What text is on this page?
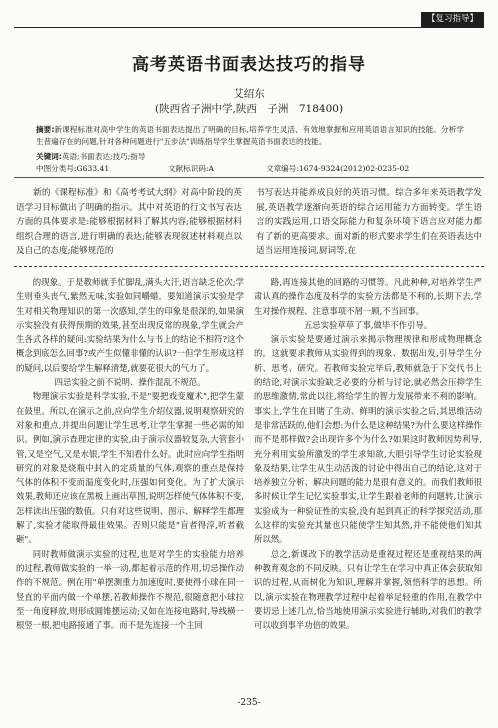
【复习指导】
高考英语书面表达技巧的指导
艾绍东
(陕西省子洲中学,陕西　子洲　718400)
摘要:新课程标准对高中学生的英语书面表达提出了明确的目标,培养学生灵活、有效地掌握和应用英语语言知识的技能。分析学生普遍存在的问题,针对各种问题进行"五步法"训练指导学生掌握英语书面表达的技能。
关键词:英语;书面表达;技巧;指导
中图分类号:G633.41	文献标识码:A	文章编号:1674-9324(2012)02-0235-02
新的《课程标准》和《高考考试大纲》对高中阶段的英语学习目标做出了明确的指示。其中对英语的行文书写表达方面的具体要求是:能够根据材料了解其内容;能够根据材料组织合理的语言,进行明确的表达;能够表现叙述材料观点以及自己的态度;能够规范的
书写表达并能养成良好的英语习惯。综合多年来英语教学发展,英语教学逐渐向英语的综合运用能力方面转变。学生语言的实践运用,口语交际能力和复杂环境下语言应对能力都有了新的更高要求。面对新的形式要求学生们在英语表达中适当运用连接词,厨词等,在

的现象。于是教师就手忙脚乱,满头大汗,语言缺乏伦次;学生则垂头丧气,紫然无味,实验如同嚼蜡。要知道演示实验是学生对相关物理知识的第一次感知,学生的印象是很深的,如果演示实验没有获得预期的效果,甚至出现反常的现象,学生就会产生各式各样的疑问:实验结果为什么与书上的结论不相符?这个概念到底怎么回事?或产生似懂非懂的认识?一但学生形成这样的疑问,以后要给学生解释清楚,就要花很大的气力了。

四忌实验之前不说明、操作混乱不规范。

物理演示实验是科学实验,不是"要把戏变魔术",把学生蒙在鼓里。所以,在演示之前,应向学生介绍仪器,说明观察研究的对象和重点,并提出问题让学生思考,让学生掌握一些必需的知识。例如,演示查理定律的实验,由于演示仪器较复杂,大管套小管,又是空气,又是水银,学生不知看什么好。此时应向学生指明研究的对象是烧瓶中封入的定质量的气体,观察的重点是保持气体的体积不变而温度变化时,压强如何变化。为了扩大演示效果,教师还应该在黑板上画出草图,说明怎样使气体体积不变,怎样读出压强的数值。只有对这些说明、图示、解释学生都理解了,实验才能取得最佳效果。否则只能是"盲者得淳,听者截砸"。

同时教师做演示实验的过程,也是对学生的实验能力培养的过程,教师做实验的一举一动,都起着示范的作用,切忌操作动作的不规范。例在用"单摆测重力加速度时,要使得小球在同一竖直的平面内做一个单摆,若教师操作不规范,很随意把小球拉至一角度释放,则形成圆锥摆运动;又如在连接电路时,导线横一根竖一根,把电路接通了事。而不是先连接一个主回

路,再连接其他的回路的习惯等。凡此种种,对培养学生严肃认真的操作态度及科学的实验方法都是不利的,长期下去,学生对操作规程、注意事项不屑一顾,不当回事。

五忌实验草草了事,做毕不作引导。

演示实验是要通过演示来揭示物理规律和形成物理概念的。这就要求教师从实验得到的现象、数据出发,引导学生分析、思考、研究。若教师实验完毕后,教师就急于下交代书上的结论,对演示实验缺乏必要的分析与讨论,就必然会压抑学生的思维激情,常此以往,将给学生的智力发展带来不利的影响。事实上,学生在目睹了生动、鲜明的演示实验之后,其思维活动是非常活跃的,他们会想:为什么是这种结果?为什么要这样操作而不是那样做?会出现许多个为什么?如果这时教师因势利导,充分利用实验所激发的学生求知欲,大胆引导学生讨论实验现象及结果,让学生从生动活泼的讨论中得出自己的结论,这对于培养独立分析、解决问题的能力是很有意义的。而我们教师很多时候让学生记忆实验事实,让学生跟着老师的问题转,让演示实验成为一种验证性的实验,没有起到真正的科学探究活动,那么这样的实验充其量也只能使学生知其然,并不能使他们知其所以然。

总之,新课改下的教学活动是重视过程还是重视结果的两种教育观念的不同反映。只有让学生在学习中真正体会获取知识的过程,从而树化为知识,理解并掌握,领悟科学的思想。所以,演示实验在物理教学过程中起着举足轻重的作用,在教学中要切忌上述几点,恰当地使用演示实验进行辅助,对我们的教学可以收到事半功倍的效果。

-235-
